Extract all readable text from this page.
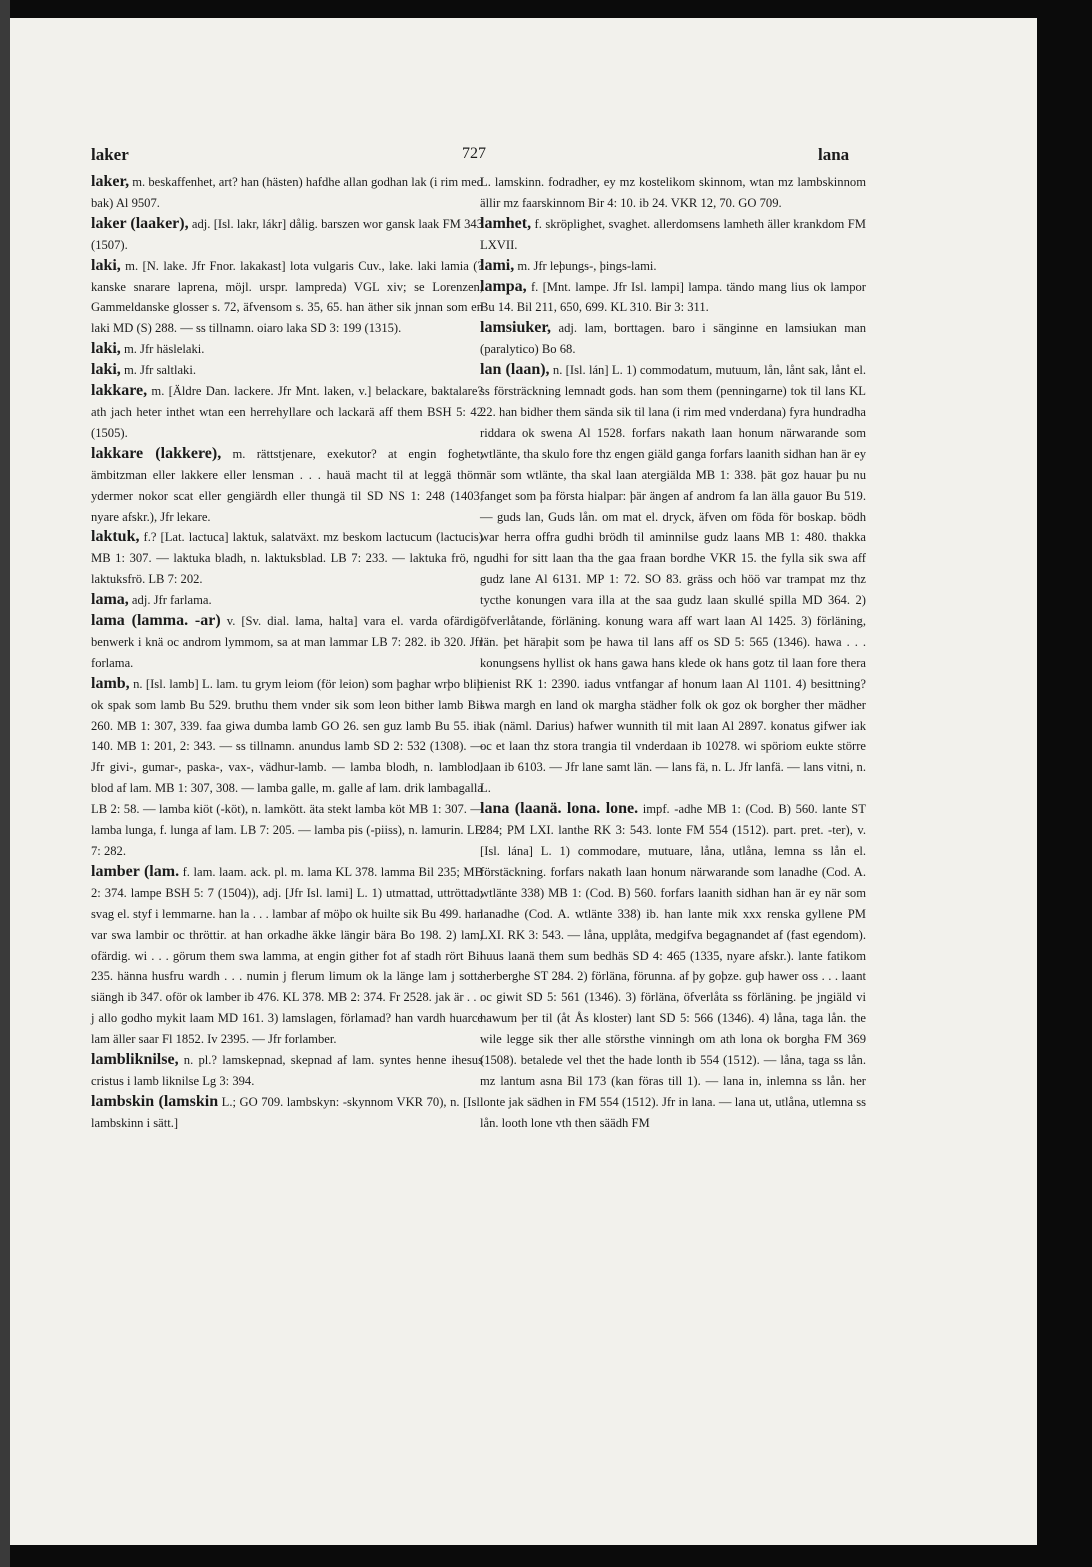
laker	727	lana

laker, m. beskaffenhet, art? han (hästen) hafdhe allan godhan lak (i rim med bak) Al 9507.

laker (laaker), adj. [Isl. lakr, lákr] dålig. barszen wor gansk laak FM 343 (1507).

laki, m. [N. lake. Jfr Fnor. lakakast] lota vulgaris Cuv., lake. laki lamia (? kanske snarare laprena, möjl. urspr. lampreda) VGL xiv; se Lorenzen, Gammeldanske glosser s. 72, äfvensom s. 35, 65. han äther sik jnnan som en laki MD (S) 288. — ss tillnamn. oiaro laka SD 3: 199 (1315).

laki, m. Jfr häslelaki.

laki, m. Jfr saltlaki.

lakkare, m. [Äldre Dan. lackere. Jfr Mnt. laken, v.] belackare, baktalare? ath jach heter inthet wtan een herrehyllare och lackarä aff them BSH 5: 42 (1505).

lakkare (lakkere), m. rättstjenare, exekutor? at engin foghet, ämbitzman eller lakkere eller lensman . . . hauä macht til at leggä thöm ydermer nokor scat eller gengiärdh eller thungä til SD NS 1: 248 (1403, nyare afskr.), Jfr lekare.

laktuk, f.? [Lat. lactuca] laktuk, salatväxt. mz beskom lactucum (lactucis) MB 1: 307. — laktuka bladh, n. laktuksblad. LB 7: 233. — laktuka frö, n. laktuksfrö. LB 7: 202.

lama, adj. Jfr farlama.

lama (lamma. -ar) v. [Sv. dial. lama, halta] vara el. varda ofärdig. benwerk i knä oc androm lymmom, sa at man lammar LB 7: 282. ib 320. Jfr forlama.

lamb, n. [Isl. lamb] L. lam. tu grym leiom (för leion) som þaghar wrþo bliþ ok spak som lamb Bu 529. bruthu them vnder sik som leon bither lamb Bil 260. MB 1: 307, 339. faa giwa dumba lamb GO 26. sen guz lamb Bu 55. ib 140. MB 1: 201, 2: 343. — ss tillnamn. anundus lamb SD 2: 532 (1308). — Jfr givi-, gumar-, paska-, vax-, vädhur-lamb. — lamba blodh, n. lamblod, blod af lam. MB 1: 307, 308. — lamba galle, m. galle af lam. drik lambagalla LB 2: 58. — lamba kiöt (-köt), n. lamkött. äta stekt lamba köt MB 1: 307. — lamba lunga, f. lunga af lam. LB 7: 205. — lamba pis (-piiss), n. lamurin. LB 7: 282.

lamber (lam. f. lam. laam. ack. pl. m. lama KL 378. lamma Bil 235; MB 2: 374. lampe BSH 5: 7 (1504)), adj. [Jfr Isl. lami] L. 1) utmattad, uttröttad, svag el. styf i lemmarne. han la . . . lambar af möþo ok huilte sik Bu 499. han var swa lambir oc thröttir. at han orkadhe äkke längir bära Bo 198. 2) lam, ofärdig. wi . . . görum them swa lamma, at engin gither fot af stadh rört Bil 235. hänna husfru wardh . . . numin j flerum limum ok la länge lam j sotta siängh ib 347. oför ok lamber ib 476. KL 378. MB 2: 374. Fr 2528. jak är . . . j allo godho mykit laam MD 161. 3) lamslagen, förlamad? han vardh huarce lam äller saar Fl 1852. Iv 2395. — Jfr forlamber.

lambliknilse, n. pl.? lamskepnad, skepnad af lam. syntes henne ihesus cristus i lamb liknilse Lg 3: 394.

lambskin (lamskin L.; GO 709. lambskyn: -skynnom VKR 70), n. [Isl. lambskinn i sätt.]

L. lamskinn. fodradher, ey mz kostelikom skinnom, wtan mz lambskinnom ällir mz faarskinnom Bir 4: 10. ib 24. VKR 12, 70. GO 709.

lamhet, f. skröplighet, svaghet. allerdomsens lamheth äller krankdom FM LXVII.

lami, m. Jfr leþungs-, þings-lami.

lampa, f. [Mnt. lampe. Jfr Isl. lampi] lampa. tändo mang lius ok lampor Bu 14. Bil 211, 650, 699. KL 310. Bir 3: 311.

lamsiuker, adj. lam, borttagen. baro i sänginne en lamsiukan man (paralytico) Bo 68.

lan (laan), n. [Isl. lán] L. 1) commodatum, mutuum, lån, lånt sak, lånt el. ss försträckning lemnadt gods. han som them (penningarne) tok til lans KL 22. han bidher them sända sik til lana (i rim med vnderdana) fyra hundradha riddara ok swena Al 1528. forfars nakath laan honum närwarande som wtlänte, tha skulo fore thz engen giäld ganga forfars laanith sidhan han är ey när som wtlänte, tha skal laan atergiälda MB 1: 338. þät goz hauar þu nu fanget som þa första hialpar: þär ängen af androm fa lan älla gauor Bu 519. — guds lan, Guds lån. om mat el. dryck, äfven om föda för boskap. bödh war herra offra gudhi brödh til aminnilse gudz laans MB 1: 480. thakka gudhi for sitt laan tha the gaa fraan bordhe VKR 15. the fylla sik swa aff gudz lane Al 6131. MP 1: 72. SO 83. gräss och höö var trampat mz thz tycthe konungen vara illa at the saa gudz laan skullé spilla MD 364. 2) öfverlåtande, förläning. konung wara aff wart laan Al 1425. 3) förläning, län. þet häraþit som þe hawa til lans aff os SD 5: 565 (1346). hawa . . . konungsens hyllist ok hans gawa hans klede ok hans gotz til laan fore thera tienist RK 1: 2390. iadus vntfangar af honum laan Al 1101. 4) besittning? swa margh en land ok margha städher folk ok goz ok borgher ther mädher iak (näml. Darius) hafwer wunnith til mit laan Al 2897. konatus gifwer iak oc et laan thz stora trangia til vnderdaan ib 10278. wi spöriom eukte större laan ib 6103. — Jfr lane samt län. — lans fä, n. L. Jfr lanfä. — lans vitni, n. L.

lana (laanä. lona. lone. impf. -adhe MB 1: (Cod. B) 560. lante ST 284; PM LXI. lanthe RK 3: 543. lonte FM 554 (1512). part. pret. -ter), v. [Isl. lána] L. 1) commodare, mutuare, låna, utlåna, lemna ss lån el. förstäckning. forfars nakath laan honum närwarande som lanadhe (Cod. A. wtlänte 338) MB 1: (Cod. B) 560. forfars laanith sidhan han är ey när som lanadhe (Cod. A. wtlänte 338) ib. han lante mik xxx renska gyllene PM LXI. RK 3: 543. — låna, upplåta, medgifva begagnandet af (fast egendom). huus laanä them sum bedhäs SD 4: 465 (1335, nyare afskr.). lante fatikom herberghe ST 284. 2) förläna, förunna. af þy goþze. guþ hawer oss . . . laant oc giwit SD 5: 561 (1346). 3) förläna, öfverlåta ss förläning. þe jngiäld vi hawum þer til (åt Ås kloster) lant SD 5: 566 (1346). 4) låna, taga lån. the wile legge sik ther alle störsthe vinningh om ath lona ok borgha FM 369 (1508). betalede vel thet the hade lonth ib 554 (1512). — låna, taga ss lån. mz lantum asna Bil 173 (kan föras till 1). — lana in, inlemna ss lån. her lonte jak sädhen in FM 554 (1512). Jfr in lana. — lana ut, utlåna, utlemna ss lån. looth lone vth then säädh FM
